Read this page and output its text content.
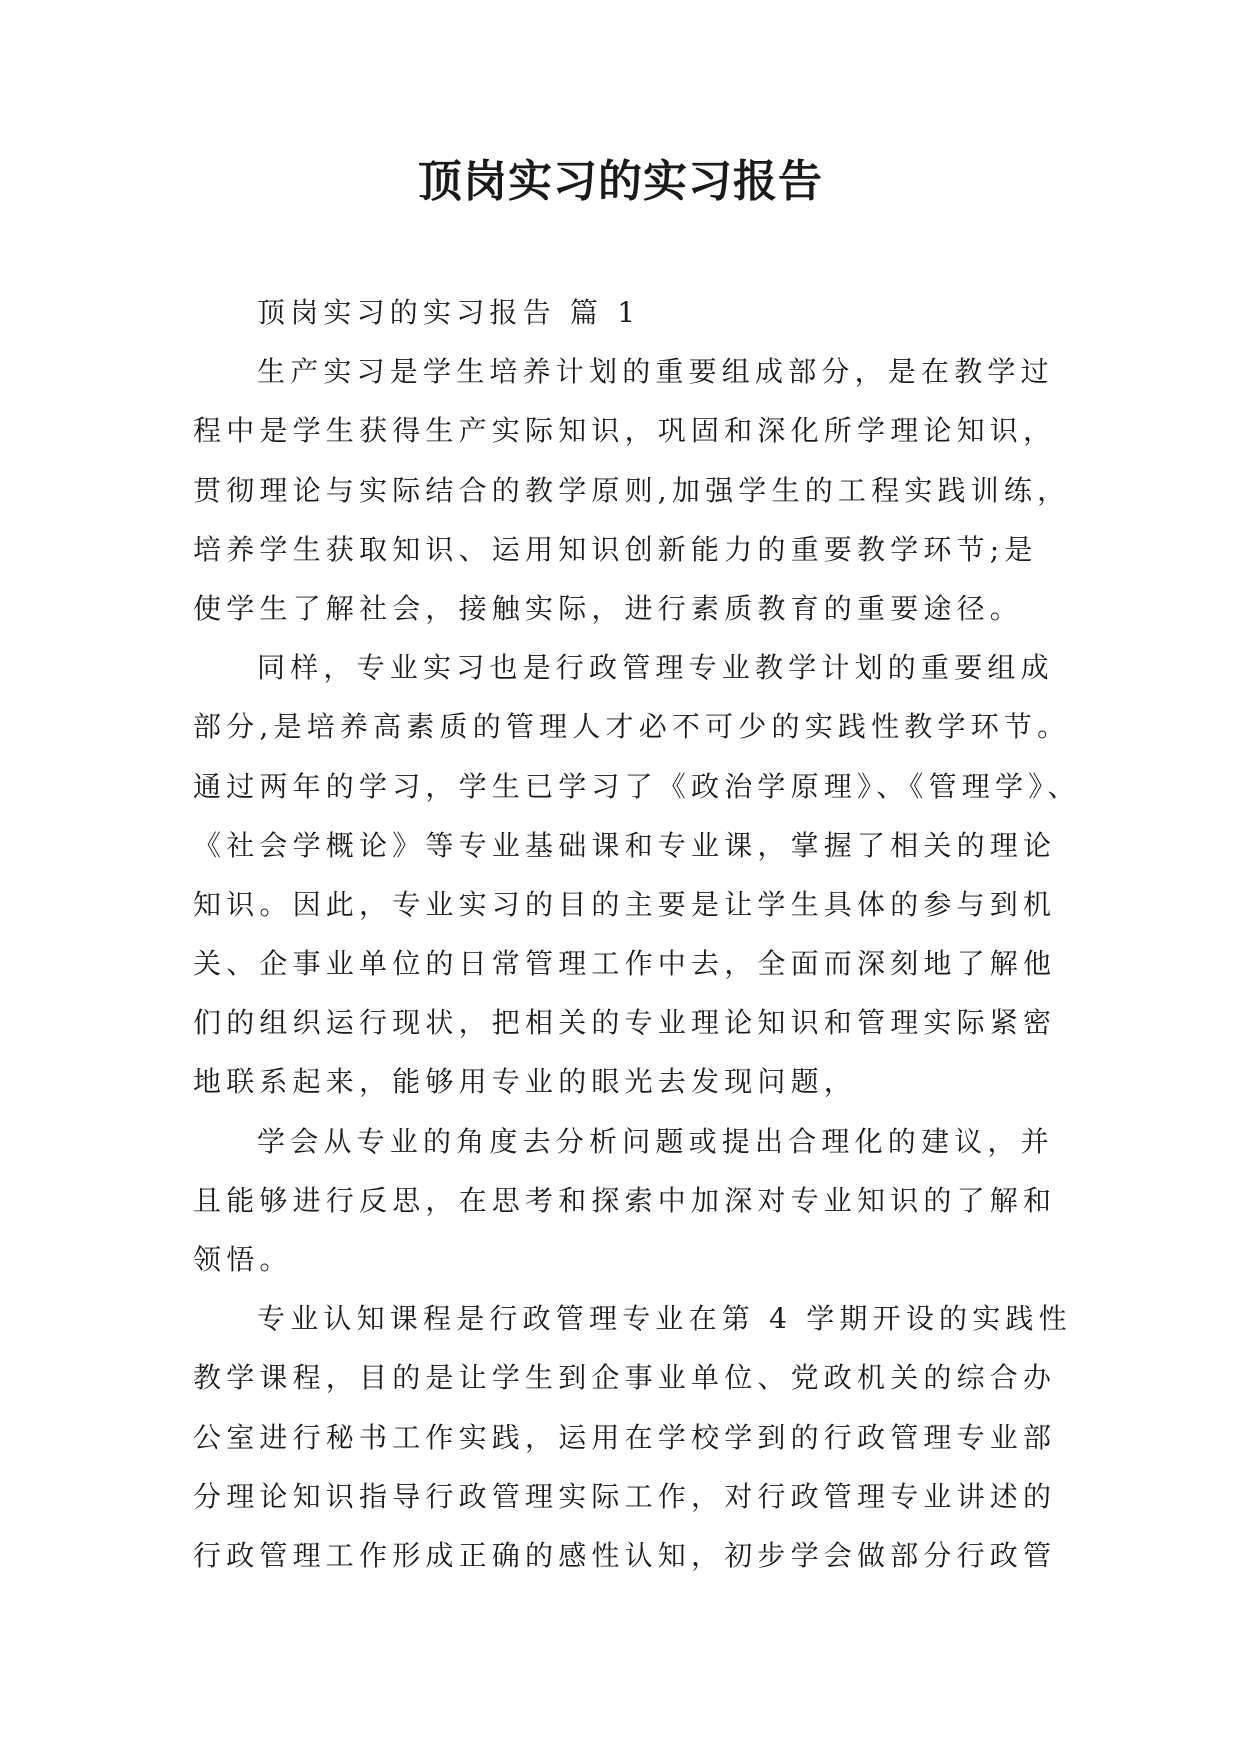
顶岗实习的实习报告

顶岗实习的实习报告 篇 1

生产实习是学生培养计划的重要组成部分，是在教学过

程中是学生获得生产实际知识，巩固和深化所学理论知识，

贯彻理论与实际结合的教学原则,加强学生的工程实践训练，

培养学生获取知识、运用知识创新能力的重要教学环节;是

使学生了解社会，接触实际，进行素质教育的重要途径。

同样，专业实习也是行政管理专业教学计划的重要组成

部分,是培养高素质的管理人才必不可少的实践性教学环节。

通过两年的学习，学生已学习了《政治学原理》、《管理学》、

《社会学概论》等专业基础课和专业课，掌握了相关的理论

知识。因此，专业实习的目的主要是让学生具体的参与到机

关、企事业单位的日常管理工作中去，全面而深刻地了解他

们的组织运行现状，把相关的专业理论知识和管理实际紧密

地联系起来，能够用专业的眼光去发现问题，

学会从专业的角度去分析问题或提出合理化的建议，并

且能够进行反思，在思考和探索中加深对专业知识的了解和

领悟。

专业认知课程是行政管理专业在第 4 学期开设的实践性

教学课程，目的是让学生到企事业单位、党政机关的综合办

公室进行秘书工作实践，运用在学校学到的行政管理专业部

分理论知识指导行政管理实际工作，对行政管理专业讲述的

行政管理工作形成正确的感性认知，初步学会做部分行政管
